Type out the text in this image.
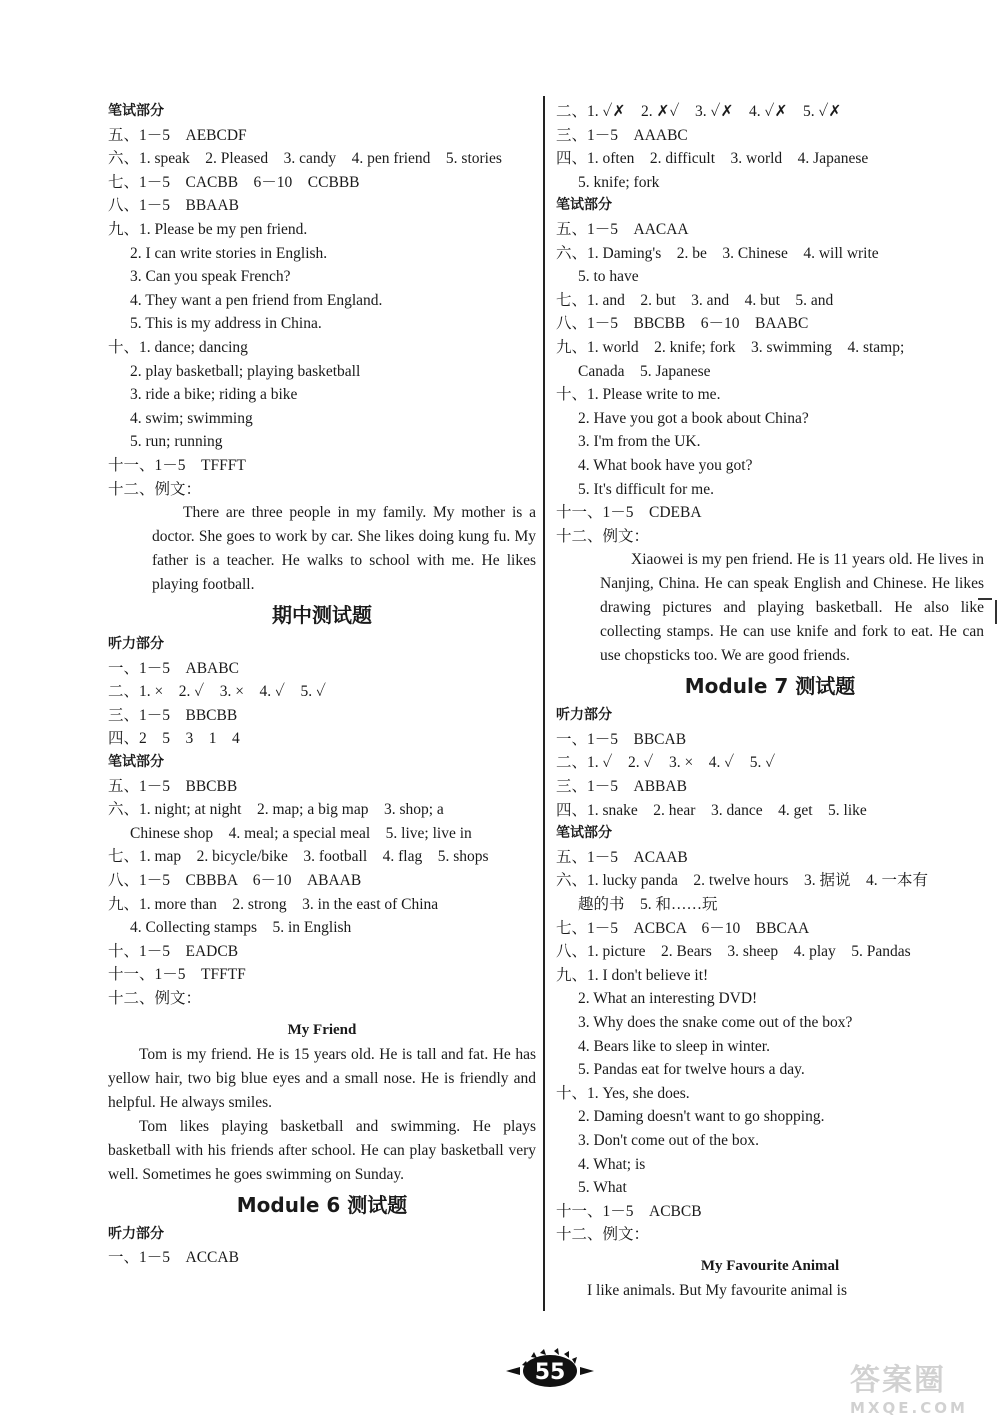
笔试部分
五、1－5　AEBCDF
六、1. speak　2. Pleased　3. candy　4. pen friend　5. stories
七、1－5　CACBB　6－10　CCBBB
八、1－5　BBAAB
九、1. Please be my pen friend.
2. I can write stories in English.
3. Can you speak French?
4. They want a pen friend from England.
5. This is my address in China.
十、1. dance; dancing
2. play basketball; playing basketball
3. ride a bike; riding a bike
4. swim; swimming
5. run; running
十一、1－5　TFFFT
十二、例文：

There are three people in my family. My mother is a doctor. She goes to work by car. She likes doing kung fu. My father is a teacher. He walks to school with me. He likes playing football.

期中测试题
听力部分
一、1－5　ABABC
二、1. ×　2. ✓　3. ×　4. ✓　5. ✓
三、1－5　BBCBB
四、2　5　3　1　4
笔试部分
五、1－5　BBCBB
六、1. night; at night　2. map; a big map　3. shop; a
Chinese shop　4. meal; a special meal　5. live; live in
七、1. map　2. bicycle/bike　3. football　4. flag　5. shops
八、1－5　CBBBA　6－10　ABAAB
九、1. more than　2. strong　3. in the east of China
4. Collecting stamps　5. in English
十、1－5　EADCB
十一、1－5　TFFTF
十二、例文：
My Friend

Tom is my friend. He is 15 years old. He is tall and fat. He has yellow hair, two big blue eyes and a small nose. He is friendly and helpful. He always smiles.

Tom likes playing basketball and swimming. He plays basketball with his friends after school. He can play basketball very well. Sometimes he goes swimming on Sunday.

Module 6 测试题
听力部分
一、1－5　ACCAB
二、1. ✓✗　2. ✗✓　3. ✓✗　4. ✓✗　5. ✓✗
三、1－5　AAABC
四、1. often　2. difficult　3. world　4. Japanese
5. knife; fork
笔试部分
五、1－5　AACAA
六、1. Daming's　2. be　3. Chinese　4. will write
5. to have
七、1. and　2. but　3. and　4. but　5. and
八、1－5　BBCBB　6－10　BAABC
九、1. world　2. knife; fork　3. swimming　4. stamp;
Canada　5. Japanese
十、1. Please write to me.
2. Have you got a book about China?
3. I'm from the UK.
4. What book have you got?
5. It's difficult for me.
十一、1－5　CDEBA
十二、例文：

Xiaowei is my pen friend. He is 11 years old. He lives in Nanjing, China. He can speak English and Chinese. He likes drawing pictures and playing basketball. He also like collecting stamps. He can use knife and fork to eat. He can use chopsticks too. We are good friends.

Module 7 测试题
听力部分
一、1－5　BBCAB
二、1. ✓　2. ✓　3. ×　4. ✓　5. ✓
三、1－5　ABBAB
四、1. snake　2. hear　3. dance　4. get　5. like
笔试部分
五、1－5　ACAAB
六、1. lucky panda　2. twelve hours　3. 据说　4. 一本有
趣的书　5. 和……玩
七、1－5　ACBCA　6－10　BBCAA
八、1. picture　2. Bears　3. sheep　4. play　5. Pandas
九、1. I don't believe it!
2. What an interesting DVD!
3. Why does the snake come out of the box?
4. Bears like to sleep in winter.
5. Pandas eat for twelve hours a day.
十、1. Yes, she does.
2. Daming doesn't want to go shopping.
3. Don't come out of the box.
4. What; is
5. What
十一、1－5　ACBCB
十二、例文：
My Favourite Animal

I like animals. But My favourite animal is

55	答案圈
MXQE.COM
